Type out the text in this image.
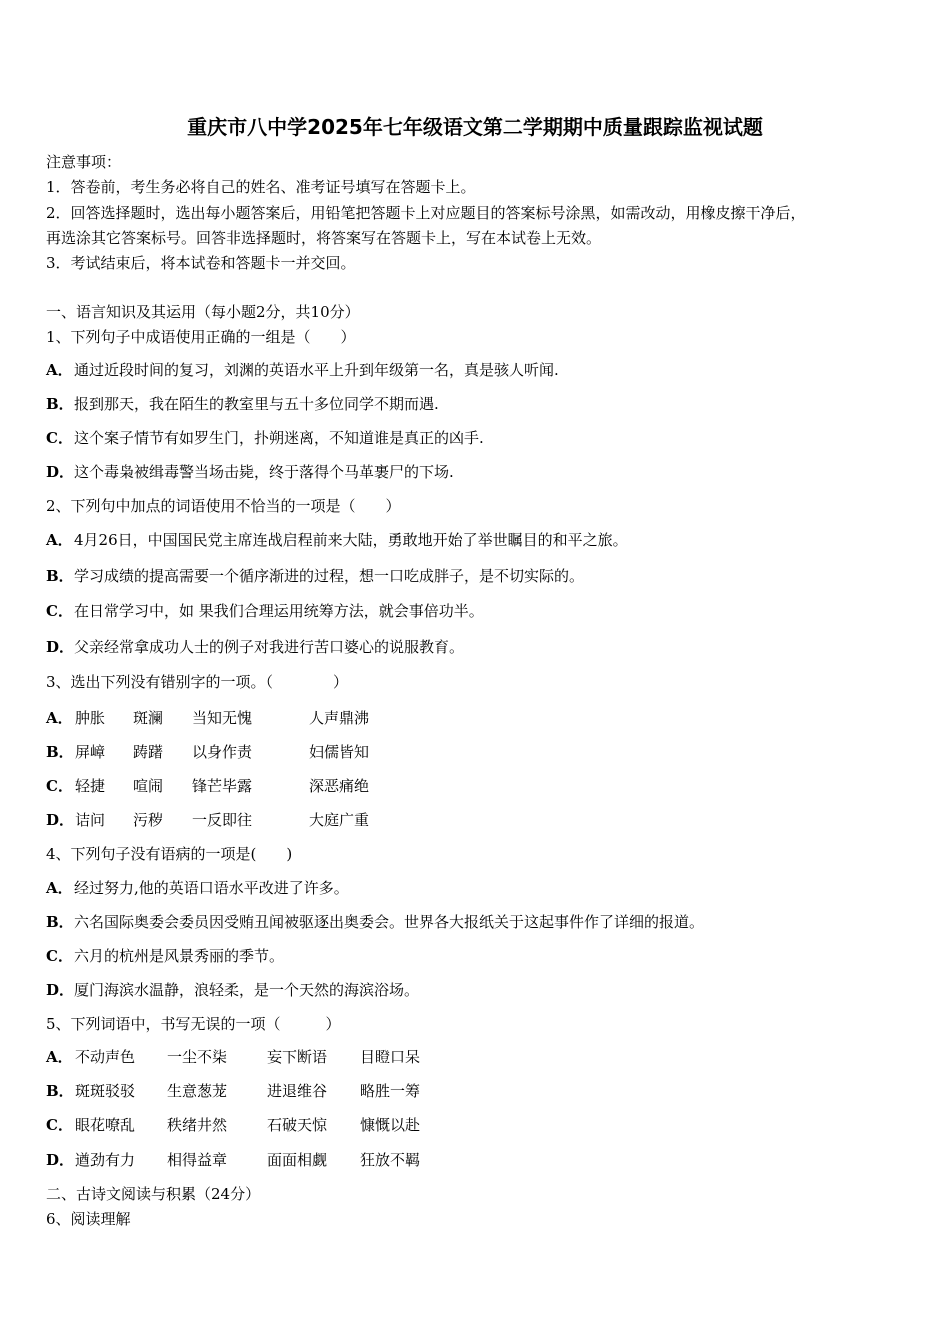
重庆市八中学2025年七年级语文第二学期期中质量跟踪监视试题
注意事项：
1．答卷前，考生务必将自己的姓名、准考证号填写在答题卡上。
2．回答选择题时，选出每小题答案后，用铅笔把答题卡上对应题目的答案标号涂黑，如需改动，用橡皮擦干净后，
再选涂其它答案标号。回答非选择题时，将答案写在答题卡上，写在本试卷上无效。
3．考试结束后，将本试卷和答题卡一并交回。
一、语言知识及其运用（每小题2分，共10分）
1、下列句子中成语使用正确的一组是（　　）
A．通过近段时间的复习，刘渊的英语水平上升到年级第一名，真是骇人听闻.
B．报到那天，我在陌生的教室里与五十多位同学不期而遇.
C．这个案子情节有如罗生门，扑朔迷离，不知道谁是真正的凶手.
D．这个毒枭被缉毒警当场击毙，终于落得个马革裹尸的下场.
2、下列句中加点的词语使用不恰当的一项是（　　）
A．4月26日，中国国民党主席连战启程前来大陆，勇敢地开始了举世瞩目的和平之旅。
B．学习成绩的提高需要一个循序渐进的过程，想一口吃成胖子，是不切实际的。
C．在日常学习中，如 果我们合理运用统筹方法，就会事倍功半。
D．父亲经常拿成功人士的例子对我进行苦口婆心的说服教育。
3、选出下列没有错别字的一项。（　　　　）
A． 肿胀 斑澜 当知无愧	人声鼎沸
B． 屏嶂 踌躇 以身作责	妇儒皆知
C． 轻捷 喧闹 锋芒毕露	深恶痛绝
D． 诘问 污秽 一反即往	大庭广重
4、下列句子没有语病的一项是(　　)
A．经过努力,他的英语口语水平改进了许多。
B．六名国际奥委会委员因受贿丑闻被驱逐出奥委会。世界各大报纸关于这起事件作了详细的报道。
C．六月的杭州是风景秀丽的季节。
D．厦门海滨水温静，浪轻柔，是一个天然的海滨浴场。
5、下列词语中，书写无误的一项（　　　）
A． 不动声色 一尘不柒	妄下断语 目瞪口呆
B． 斑斑驳驳 生意葱茏	进退维谷 略胜一筹
C． 眼花嘹乱 秩绪井然	石破天惊 慷慨以赴
D． 遒劲有力 相得益章	面面相觑 狂放不羁
二、古诗文阅读与积累（24分）
6、阅读理解
